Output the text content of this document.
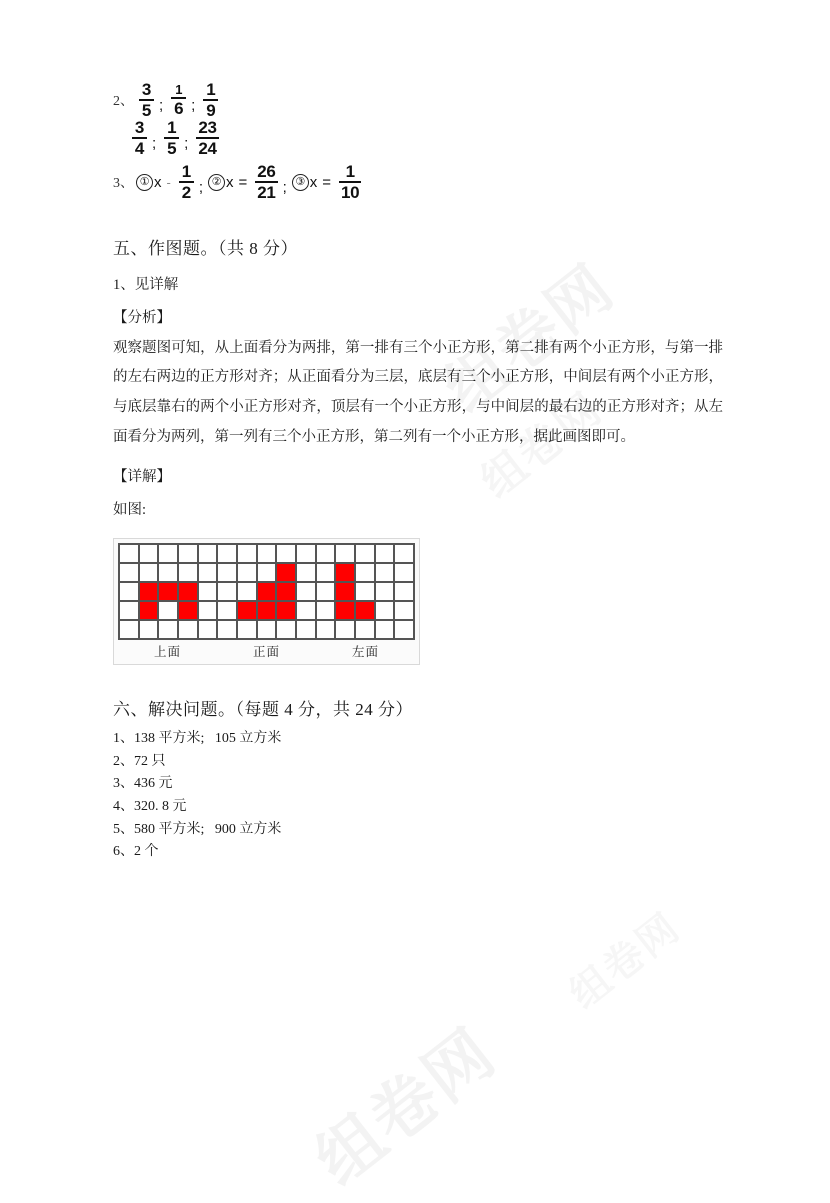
2、 $\frac{3}{5}$ ; $\frac{1}{6}$ ; $\frac{1}{9}$
$\frac{3}{4}$ ; $\frac{1}{5}$ ; $\frac{23}{24}$
3、 ① x - $\frac{1}{2}$ ; ② $x = \frac{26}{21}$ ; ③ $x = \frac{1}{10}$
五、作图题。（共 8 分）
1、见详解
【分析】

观察题图可知，从上面看分为两排，第一排有三个小正方形，第二排有两个小正方形，与第一排的左右两边的正方形对齐；从正面看分为三层，底层有三个小正方形，中间层有两个小正方形，与底层靠右的两个小正方形对齐，顶层有一个小正方形，与中间层的最右边的正方形对齐；从左面看分为两列，第一列有三个小正方形，第二列有一个小正方形，据此画图即可。

【详解】
如图:
上面	正面	左面
六、解决问题。（每题 4 分，共 24 分）
1、138 平方米;   105 立方米
2、72 只
3、436 元
4、320. 8 元
5、580 平方米;   900 立方米
6、2 个
